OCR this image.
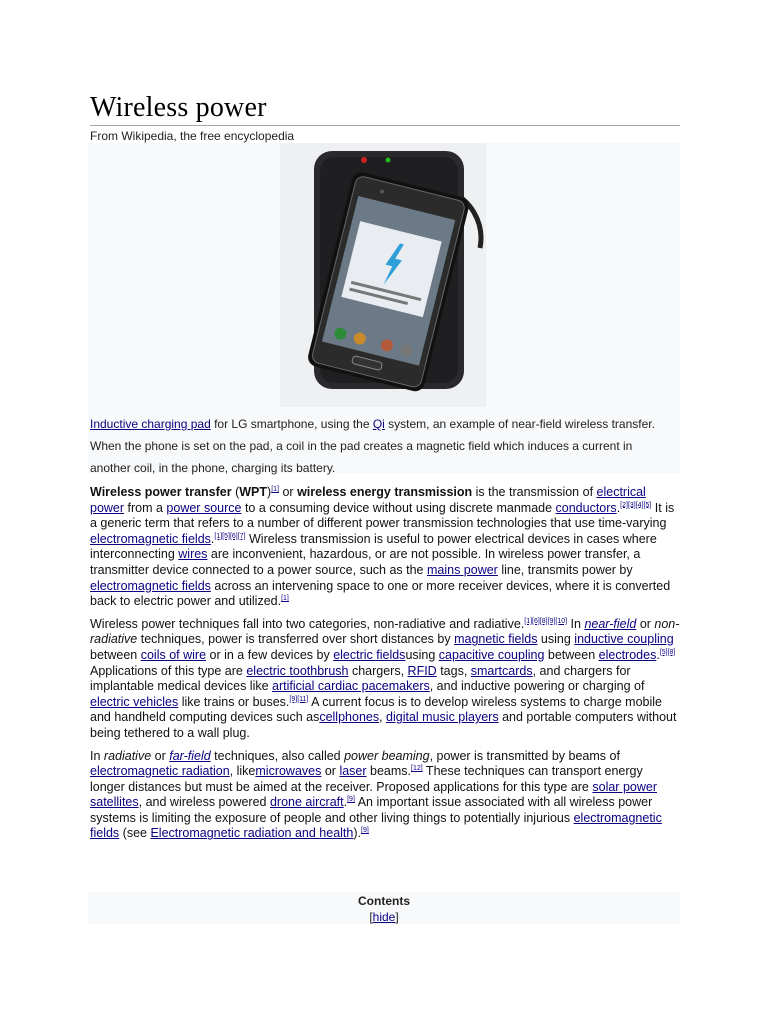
Wireless power
From Wikipedia, the free encyclopedia
Inductive charging pad for LG smartphone, using the Qi system, an example of near-field wireless transfer. When the phone is set on the pad, a coil in the pad creates a magnetic field which induces a current in another coil, in the phone, charging its battery.

Wireless power transfer (WPT)[1] or wireless energy transmission is the transmission of electrical power from a power source to a consuming device without using discrete manmade conductors.[2][3][4][5] It is a generic term that refers to a number of different power transmission technologies that use time-varying electromagnetic fields.[1][5][6][7] Wireless transmission is useful to power electrical devices in cases where interconnecting wires are inconvenient, hazardous, or are not possible. In wireless power transfer, a transmitter device connected to a power source, such as the mains power line, transmits power by electromagnetic fields across an intervening space to one or more receiver devices, where it is converted back to electric power and utilized.[1]

Wireless power techniques fall into two categories, non-radiative and radiative.[1][6][8][9][10] In near-field or non-radiative techniques, power is transferred over short distances by magnetic fields using inductive coupling between coils of wire or in a few devices by electric fieldsusing capacitive coupling between electrodes.[5][8] Applications of this type are electric toothbrush chargers, RFID tags, smartcards, and chargers for implantable medical devices like artificial cardiac pacemakers, and inductive powering or charging of electric vehicles like trains or buses.[9][11] A current focus is to develop wireless systems to charge mobile and handheld computing devices such ascellphones, digital music players and portable computers without being tethered to a wall plug.

In radiative or far-field techniques, also called power beaming, power is transmitted by beams of electromagnetic radiation, likemicrowaves or laser beams.[12] These techniques can transport energy longer distances but must be aimed at the receiver. Proposed applications for this type are solar power satellites, and wireless powered drone aircraft.[9] An important issue associated with all wireless power systems is limiting the exposure of people and other living things to potentially injurious electromagnetic fields (see Electromagnetic radiation and health).[9]

Contents
[hide]
